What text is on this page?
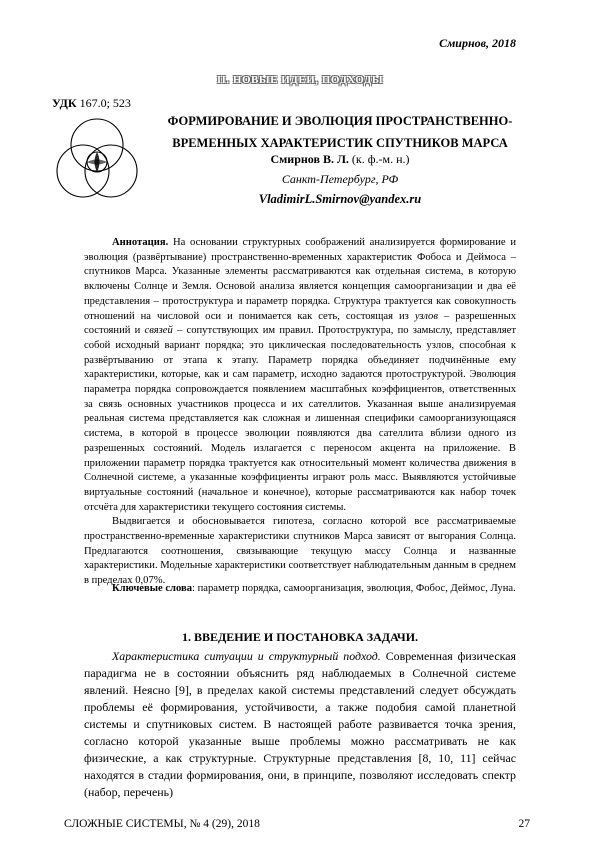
Смирнов, 2018
II. НОВЫЕ ИДЕИ, ПОДХОДЫ
УДК 167.0; 523
ФОРМИРОВАНИЕ И ЭВОЛЮЦИЯ ПРОСТРАНСТВЕННО-
ВРЕМЕННЫХ ХАРАКТЕРИСТИК СПУТНИКОВ МАРСА
Смирнов В. Л. (к. ф.-м. н.)
Санкт-Петербург, РФ
VladimirL.Smirnov@yandex.ru

Аннотация. На основании структурных соображений анализируется формирование и эволюция (развёртывание) пространственно-временных характеристик Фобоса и Деймоса – спутников Марса. Указанные элементы рассматриваются как отдельная система, в которую включены Солнце и Земля. Основой анализа является концепция самоорганизации и два её представления – протоструктура и параметр порядка. Структура трактуется как совокупность отношений на числовой оси и понимается как сеть, состоящая из узлов – разрешенных состояний и связей – сопутствующих им правил. Протоструктура, по замыслу, представляет собой исходный вариант порядка; это циклическая последовательность узлов, способная к развёртыванию от этапа к этапу. Параметр порядка объединяет подчинённые ему характеристики, которые, как и сам параметр, исходно задаются протоструктурой. Эволюция параметра порядка сопровождается появлением масштабных коэффициентов, ответственных за связь основных участников процесса и их сателлитов. Указанная выше анализируемая реальная система представляется как сложная и лишенная специфики самоорганизующаяся система, в которой в процессе эволюции появляются два сателлита вблизи одного из разрешенных состояний. Модель излагается с переносом акцента на приложение. В приложении параметр порядка трактуется как относительный момент количества движения в Солнечной системе, а указанные коэффициенты играют роль масс. Выявляются устойчивые виртуальные состояний (начальное и конечное), которые рассматриваются как набор точек отсчёта для характеристики текущего состояния системы.

Выдвигается и обосновывается гипотеза, согласно которой все рассматриваемые пространственно-временные характеристики спутников Марса зависят от выгорания Солнца. Предлагаются соотношения, связывающие текущую массу Солнца и названные характеристики. Модельные характеристики соответствует наблюдательным данным в среднем в пределах 0,07%.

Ключевые слова: параметр порядка, самоорганизация, эволюция, Фобос, Деймос, Луна.

1. ВВЕДЕНИЕ И ПОСТАНОВКА ЗАДАЧИ.

Характеристика ситуации и структурный подход. Современная физическая парадигма не в состоянии объяснить ряд наблюдаемых в Солнечной системе явлений. Неясно [9], в пределах какой системы представлений следует обсуждать проблемы её формирования, устойчивости, а также подобия самой планетной системы и спутниковых систем. В настоящей работе развивается точка зрения, согласно которой указанные выше проблемы можно рассматривать не как физические, а как структурные. Структурные представления [8, 10, 11] сейчас находятся в стадии формирования, они, в принципе, позволяют исследовать спектр (набор, перечень)

СЛОЖНЫЕ СИСТЕМЫ, № 4 (29), 2018	27
